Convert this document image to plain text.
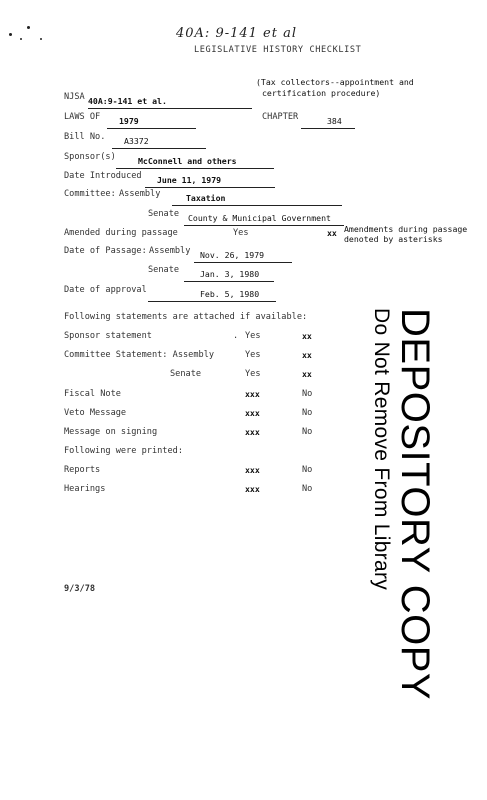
40A: 9-141 et al
LEGISLATIVE HISTORY CHECKLIST
NJSA 40A:9-141 et al.
(Tax collectors--appointment and
certification procedure)
LAWS OF	1979	CHAPTER	384
Bill No.	A3372
Sponsor(s)	McConnell and others
Date Introduced	June 11, 1979
Committee: Assembly	Taxation
Senate	County & Municipal Government
Amended during passage	Yes	xx Amendments during passage
denoted by asterisks
Date of Passage: Assembly	Nov. 26, 1979
Senate	Jan. 3, 1980
Date of approval	Feb. 5, 1980
Following statements are attached if available:
Sponsor statement	. Yes	xx
Committee Statement: Assembly	Yes	xx
Senate	Yes	xx
Fiscal Note	xxx	No
Veto Message	xxx	No
Message on signing	xxx	No
Following were printed:
Reports	xxx	No
Hearings	xxx	No
9/3/78	DEPOSITORY COPY
Do Not Remove From Library
